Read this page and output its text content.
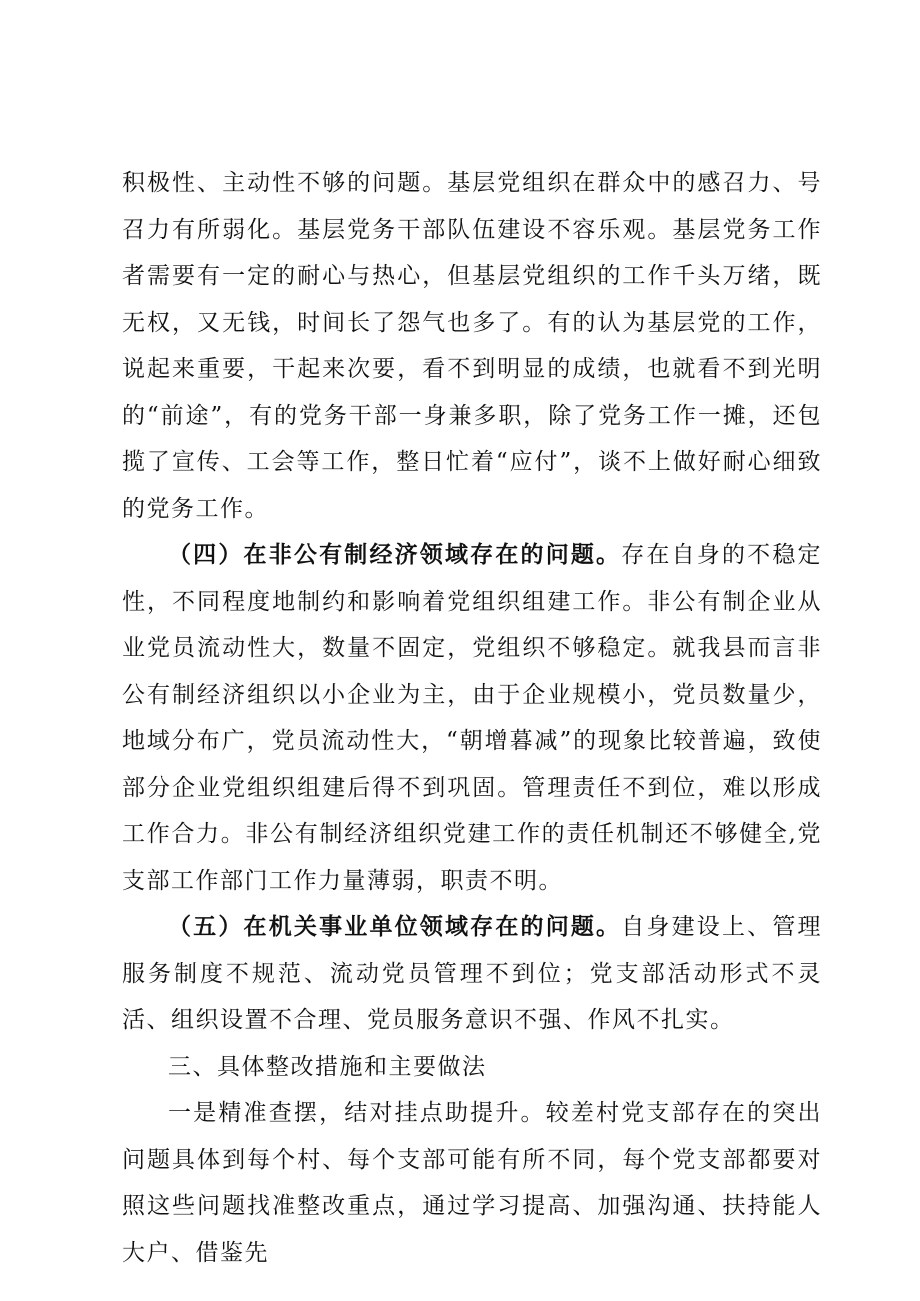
积极性、主动性不够的问题。基层党组织在群众中的感召力、号召力有所弱化。基层党务干部队伍建设不容乐观。基层党务工作者需要有一定的耐心与热心，但基层党组织的工作千头万绪，既无权，又无钱，时间长了怨气也多了。有的认为基层党的工作，说起来重要，干起来次要，看不到明显的成绩，也就看不到光明的“前途”，有的党务干部一身兼多职，除了党务工作一摊，还包揽了宣传、工会等工作，整日忙着“应付”，谈不上做好耐心细致的党务工作。

（四）在非公有制经济领域存在的问题。存在自身的不稳定性，不同程度地制约和影响着党组织组建工作。非公有制企业从业党员流动性大，数量不固定，党组织不够稳定。就我县而言非公有制经济组织以小企业为主，由于企业规模小，党员数量少，地域分布广，党员流动性大，“朝增暮减”的现象比较普遍，致使部分企业党组织组建后得不到巩固。管理责任不到位，难以形成工作合力。非公有制经济组织党建工作的责任机制还不够健全,党支部工作部门工作力量薄弱，职责不明。

（五）在机关事业单位领域存在的问题。自身建设上、管理服务制度不规范、流动党员管理不到位；党支部活动形式不灵活、组织设置不合理、党员服务意识不强、作风不扎实。

三、具体整改措施和主要做法

一是精准查摆，结对挂点助提升。较差村党支部存在的突出问题具体到每个村、每个支部可能有所不同，每个党支部都要对照这些问题找准整改重点，通过学习提高、加强沟通、扶持能人大户、借鉴先
